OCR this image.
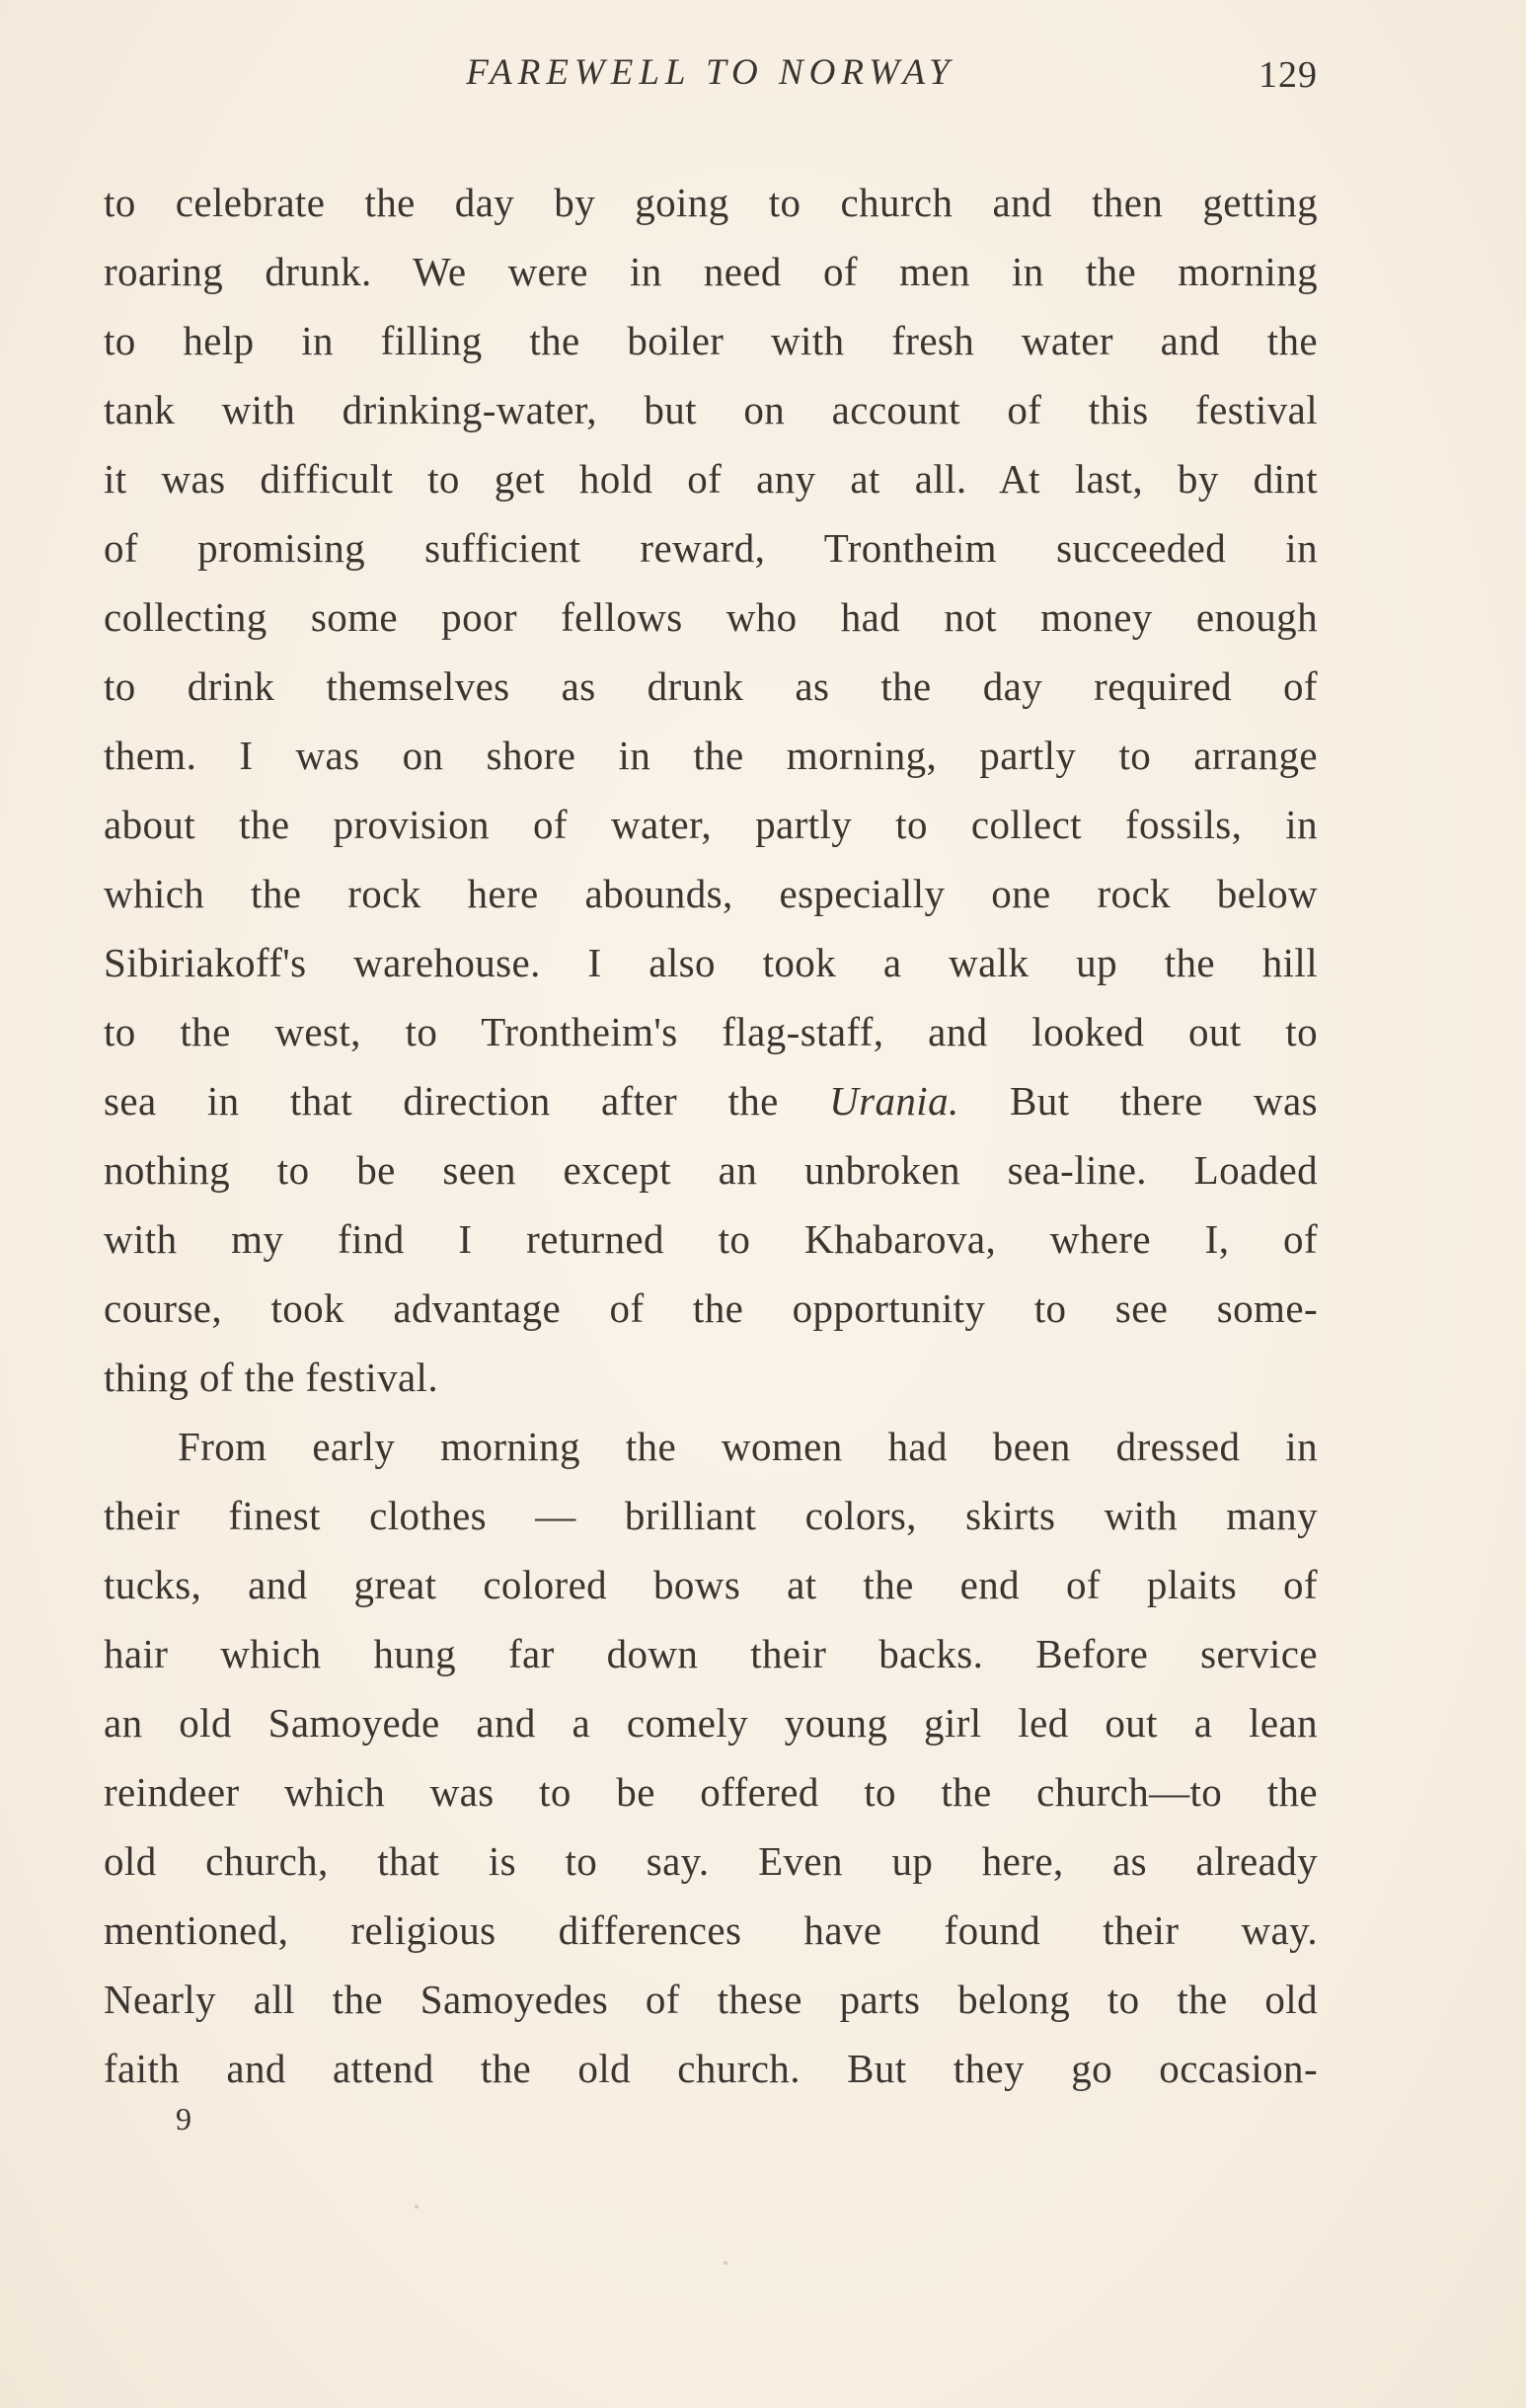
FAREWELL TO NORWAY	129
to celebrate the day by going to church and then getting
roaring drunk. We were in need of men in the morning
to help in filling the boiler with fresh water and the
tank with drinking-water, but on account of this festival
it was difficult to get hold of any at all. At last, by dint
of promising sufficient reward, Trontheim succeeded in
collecting some poor fellows who had not money enough
to drink themselves as drunk as the day required of
them. I was on shore in the morning, partly to arrange
about the provision of water, partly to collect fossils, in
which the rock here abounds, especially one rock below
Sibiriakoff's warehouse. I also took a walk up the hill
to the west, to Trontheim's flag-staff, and looked out to
sea in that direction after the Urania. But there was
nothing to be seen except an unbroken sea-line. Loaded
with my find I returned to Khabarova, where I, of
course, took advantage of the opportunity to see some-
thing of the festival.
From early morning the women had been dressed in
their finest clothes — brilliant colors, skirts with many
tucks, and great colored bows at the end of plaits of
hair which hung far down their backs. Before service
an old Samoyede and a comely young girl led out a lean
reindeer which was to be offered to the church—to the
old church, that is to say. Even up here, as already
mentioned, religious differences have found their way.
Nearly all the Samoyedes of these parts belong to the old
faith and attend the old church. But they go occasion-
9
